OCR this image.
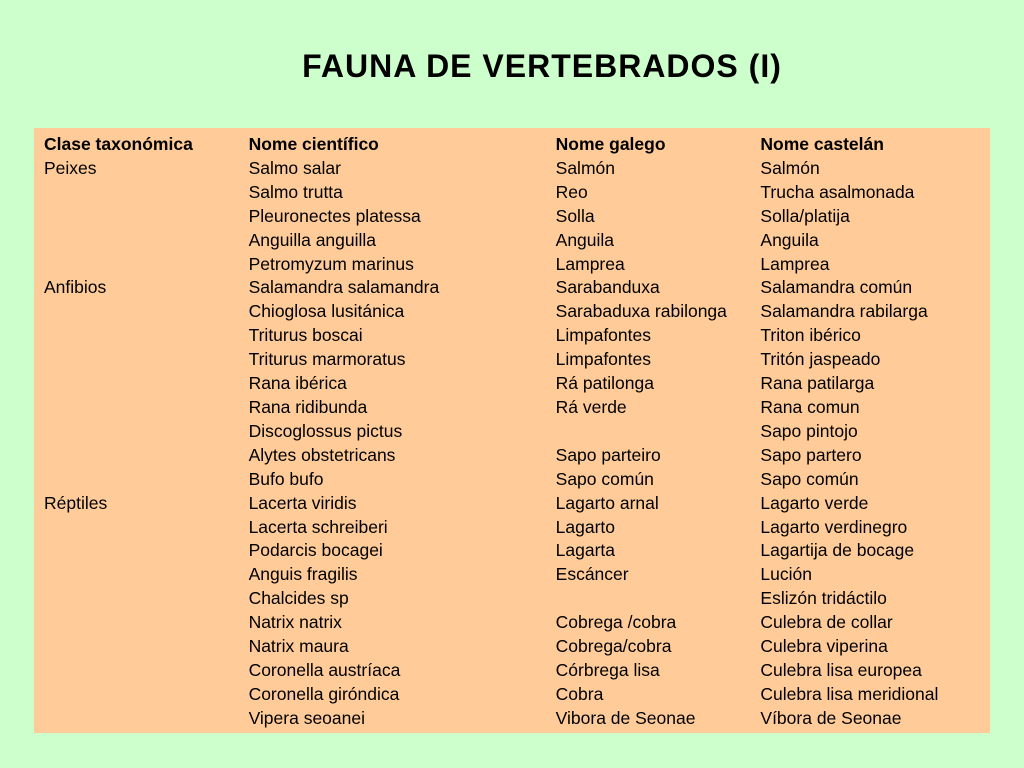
FAUNA DE VERTEBRADOS (I)
Clase taxonómica	Nome científico	Nome galego	Nome castelán
Peixes	Salmo salar	Salmón	Salmón
	Salmo trutta	Reo	Trucha asalmonada
	Pleuronectes platessa	Solla	Solla/platija
	Anguilla anguilla	Anguila	Anguila
	Petromyzum marinus	Lamprea	Lamprea
Anfibios	Salamandra salamandra	Sarabanduxa	Salamandra común
	Chioglosa lusitánica	Sarabaduxa rabilonga	Salamandra rabilarga
	Triturus boscai	Limpafontes	Triton ibérico
	Triturus marmoratus	Limpafontes	Tritón jaspeado
	Rana ibérica	Rá patilonga	Rana patilarga
	Rana ridibunda	Rá verde	Rana comun
	Discoglossus pictus		Sapo pintojo
	Alytes obstetricans	Sapo parteiro	Sapo partero
	Bufo bufo	Sapo común	Sapo común
Réptiles	Lacerta viridis	Lagarto arnal	Lagarto verde
	Lacerta schreiberi	Lagarto	Lagarto verdinegro
	Podarcis bocagei	Lagarta	Lagartija de bocage
	Anguis fragilis	Escáncer	Lución
	Chalcides sp		Eslizón tridáctilo
	Natrix natrix	Cobrega /cobra	Culebra de collar
	Natrix maura	Cobrega/cobra	Culebra viperina
	Coronella austríaca	Córbrega lisa	Culebra lisa europea
	Coronella giróndica	Cobra	Culebra lisa meridional
	Vipera seoanei	Vibora de Seonae	Víbora de Seonae
